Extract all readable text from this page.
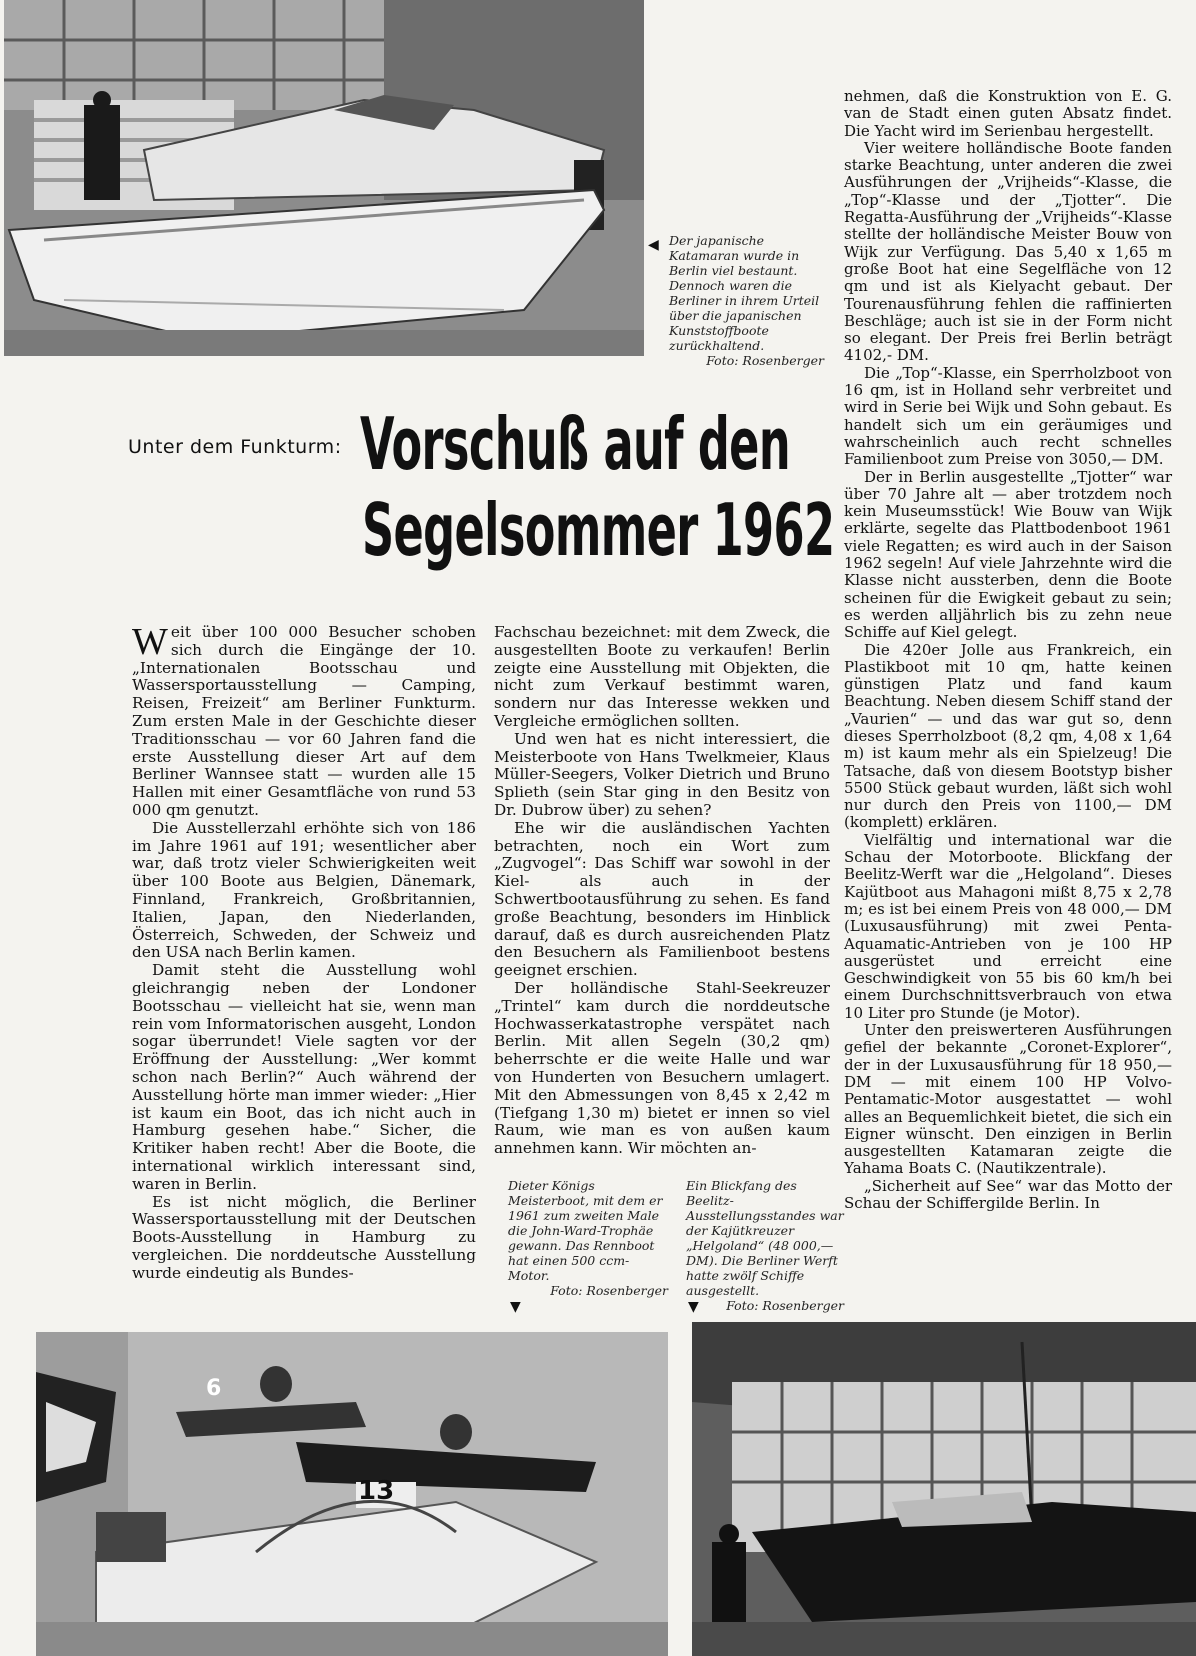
◀ Der japanische Katamaran wurde in Berlin viel bestaunt. Dennoch waren die Berliner in ihrem Urteil über die japanischen Kunststoffboote zurückhaltend.

Foto: Rosenberger

Unter dem Funkturm: Vorschuß auf den
Segelsommer 1962

Weit über 100 000 Besucher schoben sich durch die Eingänge der 10. „Internationalen Bootsschau und Wassersportausstellung — Camping, Reisen, Freizeit“ am Berliner Funkturm. Zum ersten Male in der Geschichte dieser Traditionsschau — vor 60 Jahren fand die erste Ausstellung dieser Art auf dem Berliner Wannsee statt — wurden alle 15 Hallen mit einer Gesamtfläche von rund 53 000 qm genutzt.

Die Ausstellerzahl erhöhte sich von 186 im Jahre 1961 auf 191; wesentlicher aber war, daß trotz vieler Schwierigkeiten weit über 100 Boote aus Belgien, Dänemark, Finnland, Frankreich, Großbritannien, Italien, Japan, den Niederlanden, Österreich, Schweden, der Schweiz und den USA nach Berlin kamen.

Damit steht die Ausstellung wohl gleichrangig neben der Londoner Bootsschau — vielleicht hat sie, wenn man rein vom Informatorischen ausgeht, London sogar überrundet! Viele sagten vor der Eröffnung der Ausstellung: „Wer kommt schon nach Berlin?“ Auch während der Ausstellung hörte man immer wieder: „Hier ist kaum ein Boot, das ich nicht auch in Hamburg gesehen habe.“ Sicher, die Kritiker haben recht! Aber die Boote, die international wirklich interessant sind, waren in Berlin.

Es ist nicht möglich, die Berliner Wassersportausstellung mit der Deutschen Boots-Ausstellung in Hamburg zu vergleichen. Die norddeutsche Ausstellung wurde eindeutig als Bundes-

Fachschau bezeichnet: mit dem Zweck, die ausgestellten Boote zu verkaufen! Berlin zeigte eine Ausstellung mit Objekten, die nicht zum Verkauf bestimmt waren, sondern nur das Interesse wekken und Vergleiche ermöglichen sollten.

Und wen hat es nicht interessiert, die Meisterboote von Hans Twelkmeier, Klaus Müller-Seegers, Volker Dietrich und Bruno Splieth (sein Star ging in den Besitz von Dr. Dubrow über) zu sehen?

Ehe wir die ausländischen Yachten betrachten, noch ein Wort zum „Zugvogel“: Das Schiff war sowohl in der Kiel- als auch in der Schwertbootausführung zu sehen. Es fand große Beachtung, besonders im Hinblick darauf, daß es durch ausreichenden Platz den Besuchern als Familienboot bestens geeignet erschien.

Der holländische Stahl-Seekreuzer „Trintel“ kam durch die norddeutsche Hochwasserkatastrophe verspätet nach Berlin. Mit allen Segeln (30,2 qm) beherrschte er die weite Halle und war von Hunderten von Besuchern umlagert. Mit den Abmessungen von 8,45 x 2,42 m (Tiefgang 1,30 m) bietet er innen so viel Raum, wie man es von außen kaum annehmen kann. Wir möchten an-

nehmen, daß die Konstruktion von E. G. van de Stadt einen guten Absatz findet. Die Yacht wird im Serienbau hergestellt.

Vier weitere holländische Boote fanden starke Beachtung, unter anderen die zwei Ausführungen der „Vrijheids“-Klasse, die „Top“-Klasse und der „Tjotter“. Die Regatta-Ausführung der „Vrijheids“-Klasse stellte der holländische Meister Bouw von Wijk zur Verfügung. Das 5,40 x 1,65 m große Boot hat eine Segelfläche von 12 qm und ist als Kielyacht gebaut. Der Tourenausführung fehlen die raffinierten Beschläge; auch ist sie in der Form nicht so elegant. Der Preis frei Berlin beträgt 4102,- DM.

Die „Top“-Klasse, ein Sperrholzboot von 16 qm, ist in Holland sehr verbreitet und wird in Serie bei Wijk und Sohn gebaut. Es handelt sich um ein geräumiges und wahrscheinlich auch recht schnelles Familienboot zum Preise von 3050,— DM.

Der in Berlin ausgestellte „Tjotter“ war über 70 Jahre alt — aber trotzdem noch kein Museumsstück! Wie Bouw van Wijk erklärte, segelte das Plattbodenboot 1961 viele Regatten; es wird auch in der Saison 1962 segeln! Auf viele Jahrzehnte wird die Klasse nicht aussterben, denn die Boote scheinen für die Ewigkeit gebaut zu sein; es werden alljährlich bis zu zehn neue Schiffe auf Kiel gelegt.

Die 420er Jolle aus Frankreich, ein Plastikboot mit 10 qm, hatte keinen günstigen Platz und fand kaum Beachtung. Neben diesem Schiff stand der „Vaurien“ — und das war gut so, denn dieses Sperrholzboot (8,2 qm, 4,08 x 1,64 m) ist kaum mehr als ein Spielzeug! Die Tatsache, daß von diesem Bootstyp bisher 5500 Stück gebaut wurden, läßt sich wohl nur durch den Preis von 1100,— DM (komplett) erklären.

Vielfältig und international war die Schau der Motorboote. Blickfang der Beelitz-Werft war die „Helgoland“. Dieses Kajütboot aus Mahagoni mißt 8,75 x 2,78 m; es ist bei einem Preis von 48 000,— DM (Luxusausführung) mit zwei Penta-Aquamatic-Antrieben von je 100 HP ausgerüstet und erreicht eine Geschwindigkeit von 55 bis 60 km/h bei einem Durchschnittsverbrauch von etwa 10 Liter pro Stunde (je Motor).

Unter den preiswerteren Ausführungen gefiel der bekannte „Coronet-Explorer“, der in der Luxusausführung für 18 950,— DM — mit einem 100 HP Volvo-Pentamatic-Motor ausgestattet — wohl alles an Bequemlichkeit bietet, die sich ein Eigner wünscht. Den einzigen in Berlin ausgestellten Katamaran zeigte die Yahama Boats C. (Nautikzentrale).

„Sicherheit auf See“ war das Motto der Schau der Schiffergilde Berlin. In

Dieter Königs Meisterboot, mit dem er 1961 zum zweiten Male die John-Ward-Trophäe gewann. Das Rennboot hat einen 500 ccm-Motor.

Foto: Rosenberger

▼

Ein Blickfang des Beelitz-Ausstellungsstandes war der Kajütkreuzer „Helgoland“ (48 000,— DM). Die Berliner Werft hatte zwölf Schiffe ausgestellt.

Foto: Rosenberger

▼
6
13
